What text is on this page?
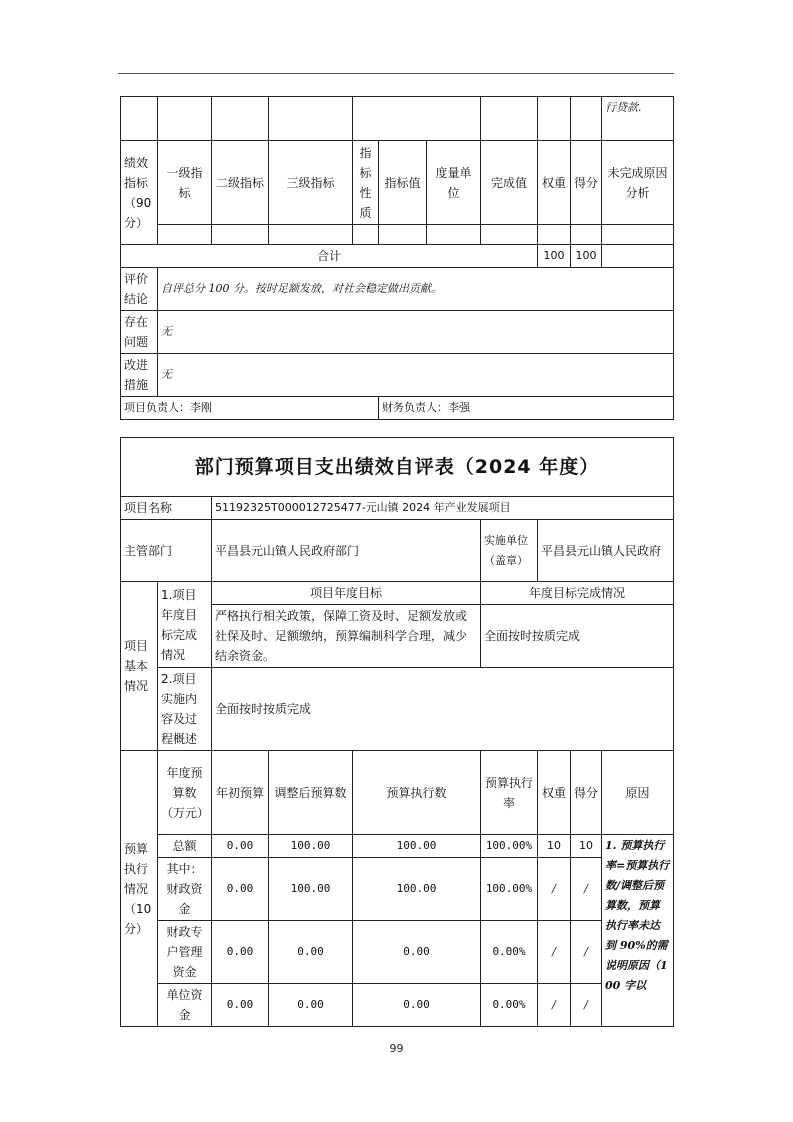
										行贷款.
绩效指标（90分）	一级指标	二级指标	三级指标	指标性质	指标值	度量单位	完成值	权重	得分	未完成原因分析

合计								100	100	
评价结论	自评总分 100 分。按时足额发放，对社会稳定做出贡献。									
存在问题	无									
改进措施	无									
项目负责人：李刚					财务负责人：李强					
部门预算项目支出绩效自评表（2024 年度）								
项目名称		51192325T000012725477-元山镇 2024 年产业发展项目						
主管部门		平昌县元山镇人民政府部门			实施单位（盖章）	平昌县元山镇人民政府		
项目基本情况	1.项目年度目标完成情况	项目年度目标			年度目标完成情况			
		严格执行相关政策，保障工资及时、足额发放或社保及时、足额缴纳，预算编制科学合理，减少结余资金。			全面按时按质完成			
	2.项目实施内容及过程概述	全面按时按质完成						
预算执行情况（10分）	年度预算数（万元）	年初预算	调整后预算数	预算执行数	预算执行率	权重	得分	原因
	总额	0.00	100.00	100.00	100.00%	10	10	1. 预算执行率=预算执行数/调整后预算数，预算执行率未达到 90%的需说明原因（100 字以
	其中：财政资金	0.00	100.00	100.00	100.00%	/	/	
	财政专户管理资金	0.00	0.00	0.00	0.00%	/	/	
	单位资金	0.00	0.00	0.00	0.00%	/	/	
99
